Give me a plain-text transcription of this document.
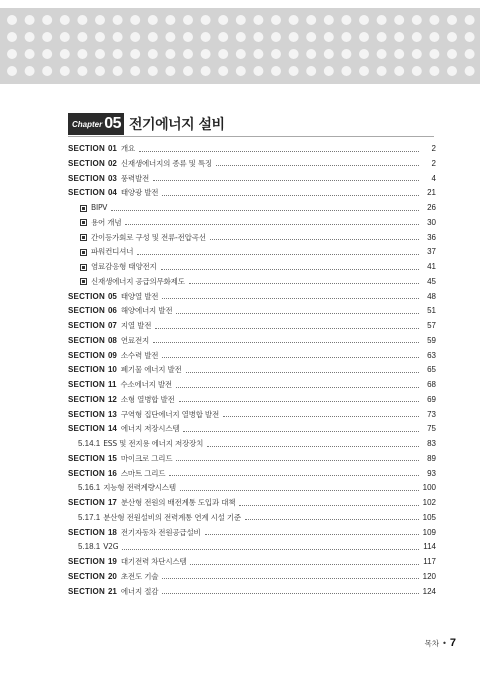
Chapter 05 전기에너지 설비
SECTION 01 개요	2
SECTION 02 신재생에너지의 종류 및 특징	2
SECTION 03 풍력발전	4
SECTION 04 태양광 발전	21
BIPV	26
용어 개념	30
간이등가회로 구성 및 전류-전압곡선	36
파워컨디셔너	37
염료감응형 태양전지	41
신재생에너지 공급의무화제도	45
SECTION 05 태양열 발전	48
SECTION 06 해양에너지 발전	51
SECTION 07 지열 발전	57
SECTION 08 연료전지	59
SECTION 09 소수력 발전	63
SECTION 10 폐기물 에너지 발전	65
SECTION 11 수소에너지 발전	68
SECTION 12 소형 열병합 발전	69
SECTION 13 구역형 집단에너지 열병합 발전	73
SECTION 14 에너지 저장시스템	75
5.14.1 ESS 및 전지용 에너지 저장장치	83
SECTION 15 마이크로 그리드	89
SECTION 16 스마트 그리드	93
5.16.1 지능형 전력계량시스템	100
SECTION 17 분산형 전원의 배전계통 도입과 대책	102
5.17.1 분산형 전원설비의 전력계통 연계 시설 기준	105
SECTION 18 전기자동차 전원공급설비	109
5.18.1 V2G	114
SECTION 19 대기전력 차단시스템	117
SECTION 20 초전도 기술	120
SECTION 21 에너지 절감	124
목차 • 7
